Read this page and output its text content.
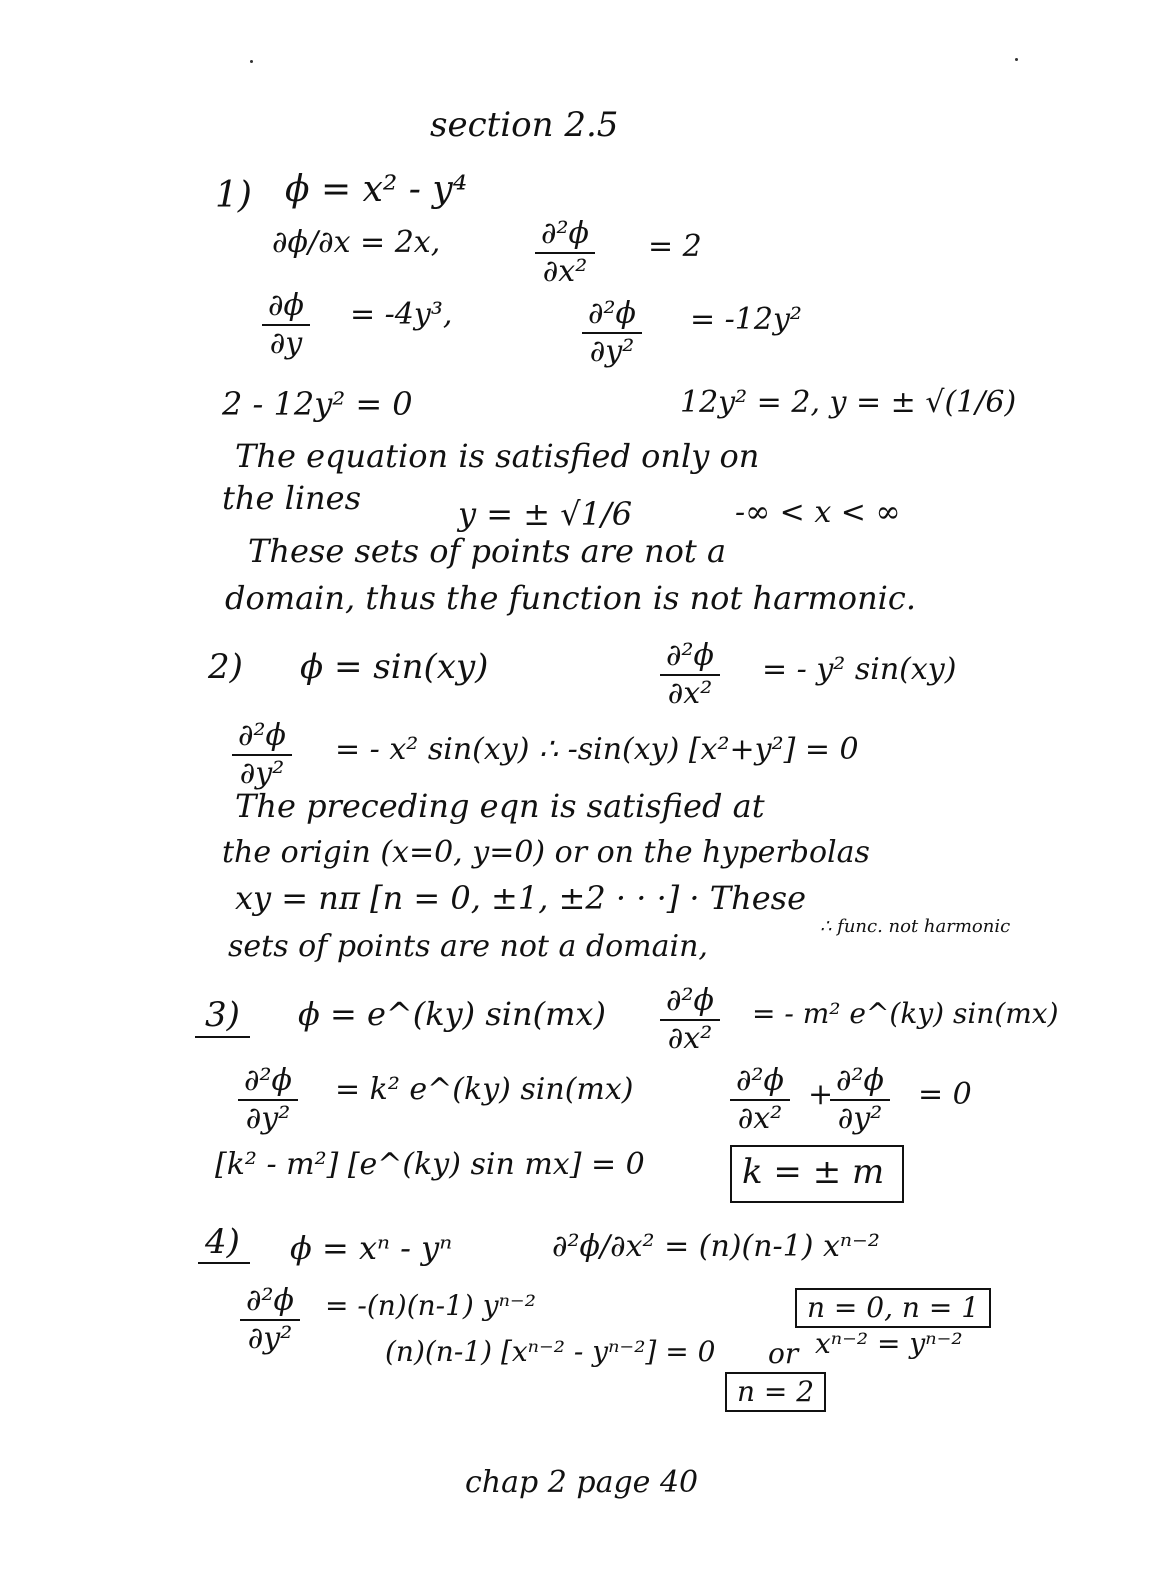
section 2.5
1) ϕ = x² - y⁴
∂ϕ/∂x = 2x,	$\frac{\text{∂²ϕ}}{\text{∂x²}} = 2$
$\frac{\partial\phi}{\partial y} = -4y^3$,	$\frac{\text{∂²ϕ}}{\text{∂y²}} = -12y^2$
2 - 12y² = 0	12y² = 2, y = ± √(1/6)
The equation is satisfied only on
the lines	y = ± √1/6	-∞ < x < ∞
These sets of points are not a
domain, thus the function is not harmonic.
2) ϕ = sin(xy)	$\frac{\text{∂²ϕ}}{\text{∂x²}}$ = - y² sin(xy)
$\frac{\text{∂²ϕ}}{\text{∂y²}}$ = - x² sin(xy) ∴ -sin(xy) [x²+y²] = 0
The preceding eqn is satisfied at
the origin (x=0, y=0) or on the hyperbolas
xy = nπ [n = 0, ±1, ±2 · · ·] · These
sets of points are not a domain,
∴ func. not harmonic
3) ϕ = e^(ky) $\sin(mx) \frac{\text{∂²ϕ}}{\text{∂x²}}$ = - m² e^(ky) sin(mx)
$\frac{\text{∂²ϕ}}{\text{∂y²}} = k^2$ e^(ky) sin(mx)	$\frac{\text{∂²ϕ}}{\text{∂x²}}$ +
$\frac{\text{∂²ϕ}}{\text{∂y²}} = 0$
[k² - m²] [e^(ky) sin mx] = 0	k = ± m
4) ϕ = xⁿ - yⁿ	∂²ϕ/∂x² = (n)(n-1) xⁿ⁻²
$\frac{\text{∂²ϕ}}{\text{∂y²}} = -(n)(n-1)$ yⁿ⁻²	n = 0, n = 1
(n)(n-1) [xⁿ⁻² - yⁿ⁻²] = 0 or xⁿ⁻² = yⁿ⁻²
n = 2
chap 2 page 40
